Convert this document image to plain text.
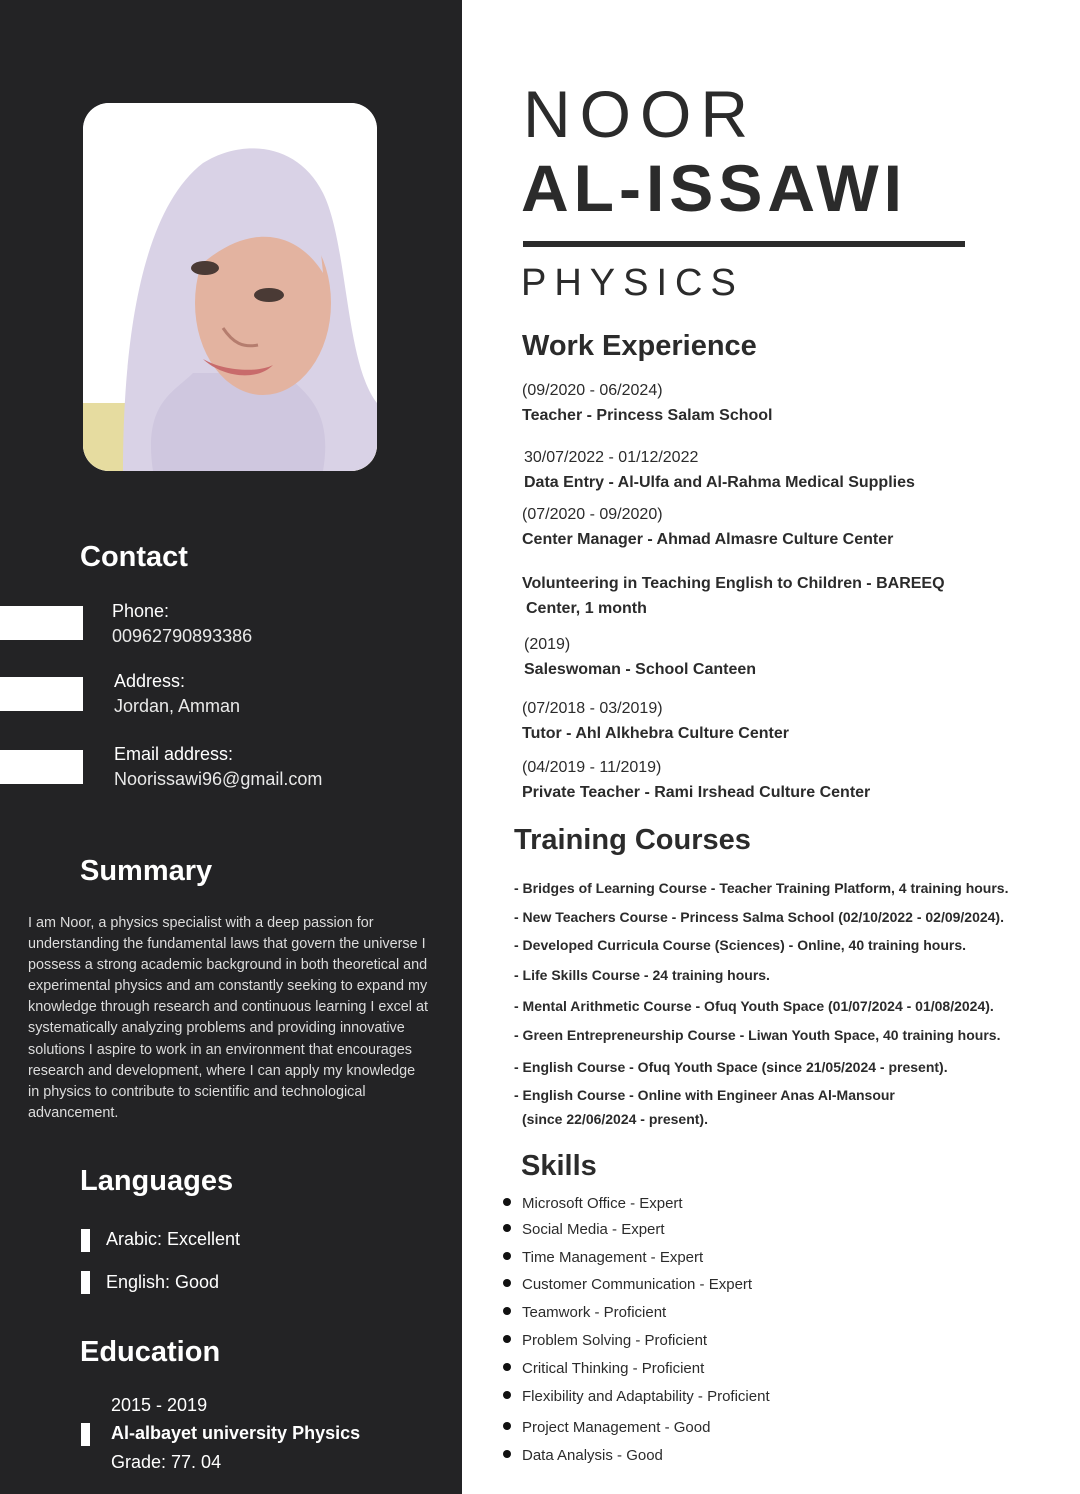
Contact
Phone:
00962790893386
Address:
Jordan, Amman
Email address:
Noorissawi96@gmail.com
Summary

I am Noor, a physics specialist with a deep passion for understanding the fundamental laws that govern the universe I possess a strong academic background in both theoretical and experimental physics and am constantly seeking to expand my knowledge through research and continuous learning I excel at systematically analyzing problems and providing innovative solutions I aspire to work in an environment that encourages research and development, where I can apply my knowledge in physics to contribute to scientific and technological advancement.

Languages
Arabic: Excellent
English: Good
Education
2015 - 2019
Al-albayet university Physics
Grade: 77. 04
NOOR
AL-ISSAWI
PHYSICS
Work Experience
(09/2020 - 06/2024)
Teacher - Princess Salam School
30/07/2022 - 01/12/2022
Data Entry - Al-Ulfa and Al-Rahma Medical Supplies
(07/2020 - 09/2020)
Center Manager - Ahmad Almasre Culture Center
Volunteering in Teaching English to Children - BAREEQ
Center, 1 month
(2019)
Saleswoman - School Canteen
(07/2018 - 03/2019)
Tutor - Ahl Alkhebra Culture Center
(04/2019 - 11/2019)
Private Teacher - Rami Irshead Culture Center
Training Courses
- Bridges of Learning Course - Teacher Training Platform, 4 training hours.
- New Teachers Course - Princess Salma School (02/10/2022 - 02/09/2024).
- Developed Curricula Course (Sciences) - Online, 40 training hours.
- Life Skills Course - 24 training hours.
- Mental Arithmetic Course - Ofuq Youth Space (01/07/2024 - 01/08/2024).
- Green Entrepreneurship Course - Liwan Youth Space, 40 training hours.
- English Course - Ofuq Youth Space (since 21/05/2024 - present).
- English Course - Online with Engineer Anas Al-Mansour
(since 22/06/2024 - present).
Skills
Microsoft Office - Expert
Social Media - Expert
Time Management - Expert
Customer Communication - Expert
Teamwork - Proficient
Problem Solving - Proficient
Critical Thinking - Proficient
Flexibility and Adaptability - Proficient
Project Management - Good
Data Analysis - Good
